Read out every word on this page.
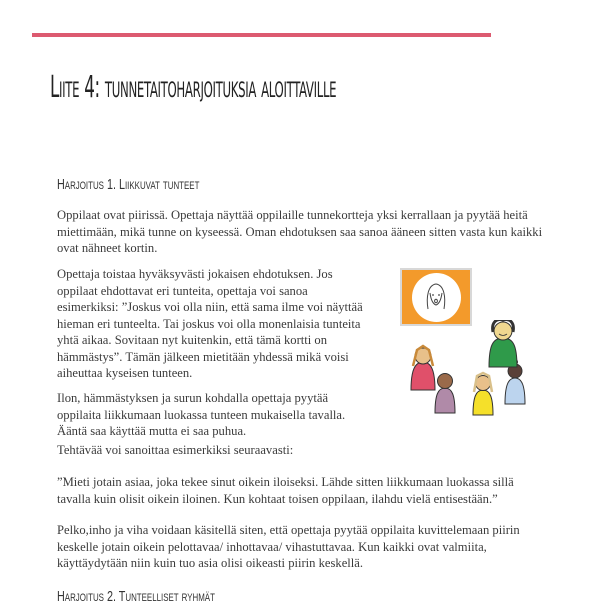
Liite 4: tunnetaitoharjoituksia aloittaville
Harjoitus 1. Liikkuvat tunteet

Oppilaat ovat piirissä. Opettaja näyttää oppilaille tunnekortteja yksi kerrallaan ja pyytää heitä miettimään, mikä tunne on kyseessä. Oman ehdotuksen saa sanoa ääneen sitten vasta kun kaikki ovat nähneet kortin.

Opettaja toistaa hyväksyvästi jokaisen ehdotuksen. Jos oppilaat ehdottavat eri tunteita, opettaja voi sanoa esimerkiksi: ”Joskus voi olla niin, että sama ilme voi näyttää hieman eri tunteelta. Tai joskus voi olla monenlaisia tunteita yhtä aikaa. Sovitaan nyt kuitenkin, että tämä kortti on hämmästys”. Tämän jälkeen mietitään yhdessä mikä voisi aiheuttaa kyseisen tunteen.

Ilon, hämmästyksen ja surun kohdalla opettaja pyytää oppilaita liikkumaan luokassa tunteen mukaisella tavalla. Ääntä saa käyttää mutta ei saa puhua.

Tehtävää voi sanoittaa esimerkiksi seuraavasti:

”Mieti jotain asiaa, joka tekee sinut oikein iloiseksi. Lähde sitten liikkumaan luokassa sillä tavalla kuin olisit oikein iloinen. Kun kohtaat toisen oppilaan, ilahdu vielä entisestään.”

Pelko,inho ja viha voidaan käsitellä siten, että opettaja pyytää oppilaita kuvittelemaan piirin keskelle jotain oikein pelottavaa/ inhottavaa/ vihastuttavaa. Kun kaikki ovat valmiita, käyttäydytään niin kuin tuo asia olisi oikeasti piirin keskellä.

Harjoitus 2. Tunteelliset ryhmät
